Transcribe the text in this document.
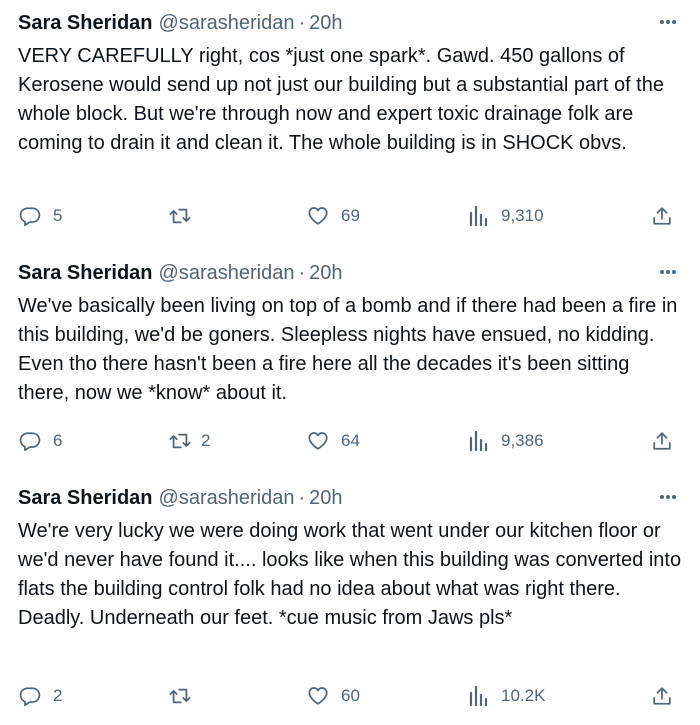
Sara Sheridan @sarasheridan · 20h
VERY CAREFULLY right, cos *just one spark*. Gawd. 450 gallons of Kerosene would send up not just our building but a substantial part of the whole block. But we're through now and expert toxic drainage folk are coming to drain it and clean it. The whole building is in SHOCK obvs.
5	69	9,310
Sara Sheridan @sarasheridan · 20h
We've basically been living on top of a bomb and if there had been a fire in this building, we'd be goners. Sleepless nights have ensued, no kidding. Even tho there hasn't been a fire here all the decades it's been sitting there, now we *know* about it.
6	2	64	9,386
Sara Sheridan @sarasheridan · 20h
We're very lucky we were doing work that went under our kitchen floor or we'd never have found it.... looks like when this building was converted into flats the building control folk had no idea about what was right there. Deadly. Underneath our feet. *cue music from Jaws pls*
2	60	10.2K
